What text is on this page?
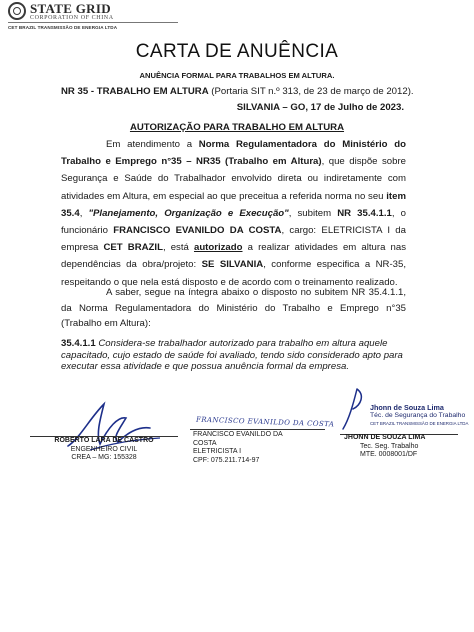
STATE GRID
CORPORATION OF CHINA
CET BRAZIL TRANSMISSÃO DE ENERGIA LTDA
CARTA DE ANUÊNCIA
ANUÊNCIA FORMAL PARA TRABALHOS EM ALTURA.
NR 35 - TRABALHO EM ALTURA (Portaria SIT n.º 313, de 23 de março de 2012).
SILVANIA – GO, 17 de Julho de 2023.
AUTORIZAÇÃO PARA TRABALHO EM ALTURA
Em atendimento a Norma Regulamentadora do Ministério do Trabalho e Emprego n°35 – NR35 (Trabalho em Altura), que dispõe sobre Segurança e Saúde do Trabalhador envolvido direta ou indiretamente com atividades em Altura, em especial ao que preceitua a referida norma no seu item 35.4, "Planejamento, Organização e Execução", subitem NR 35.4.1.1, o funcionário FRANCISCO EVANILDO DA COSTA, cargo: ELETRICISTA I da empresa CET BRAZIL, está autorizado a realizar atividades em altura nas dependências da obra/projeto: SE SILVANIA, conforme especifica a NR-35, respeitando o que nela está disposto e de acordo com o treinamento realizado.
A saber, segue na íntegra abaixo o disposto no subitem NR 35.4.1.1, da Norma Regulamentadora do Ministério do Trabalho e Emprego n°35 (Trabalho em Altura):
35.4.1.1 Considera-se trabalhador autorizado para trabalho em altura aquele capacitado, cujo estado de saúde foi avaliado, tendo sido considerado apto para executar essa atividade e que possua anuência formal da empresa.
ROBERTO LARA DE CASTRO
ENGENHEIRO CIVIL
CREA – MG: 155328
FRANCISCO EVANILDO DA COSTA
FRANCISCO EVANILDO DA
COSTA
ELETRICISTA I
CPF: 075.211.714-97
Jhonn de Souza Lima
Téc. de Segurança do Trabalho
CET BRAZIL TRANSMISSÃO DE ENERGIA LTDA
JHONN DE SOUZA LIMA
Tec. Seg. Trabalho
MTE. 0008001/DF
